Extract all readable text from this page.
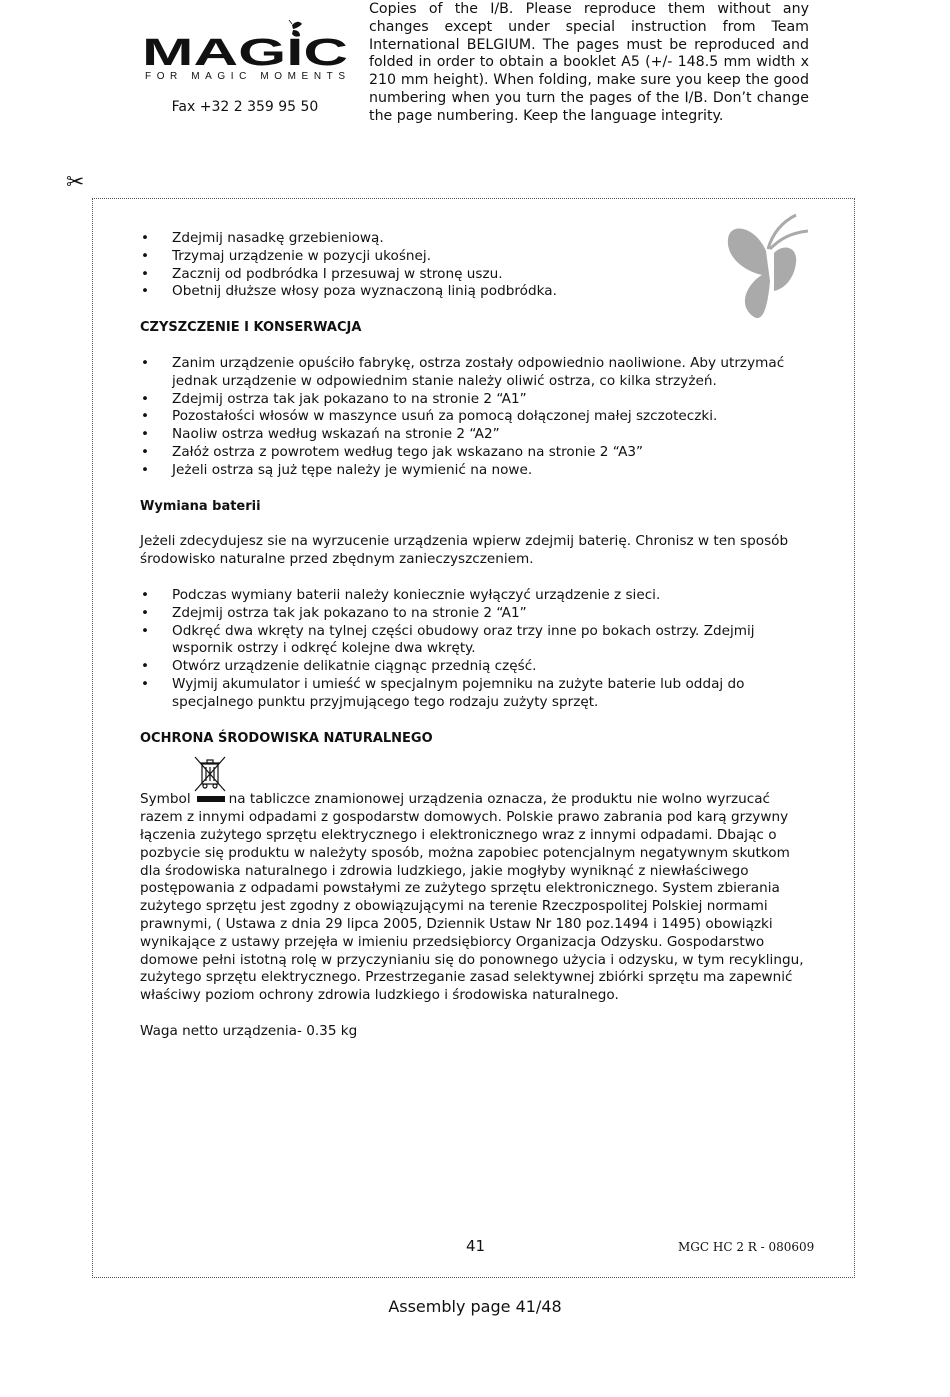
MAGIC
FOR MAGIC MOMENTS
Fax +32 2 359 95 50

Copies of the I/B. Please reproduce them without any changes except under special instruction from Team International BELGIUM. The pages must be reproduced and folded in order to obtain a booklet A5 (+/- 148.5 mm width x 210 mm height). When folding, make sure you keep the good numbering when you turn the pages of the I/B. Don’t change the page numbering. Keep the language integrity.

✂
• Zdejmij nasadkę grzebieniową.
• Trzymaj urządzenie w pozycji ukośnej.
• Zacznij od podbródka I przesuwaj w stronę uszu.
• Obetnij dłuższe włosy poza wyznaczoną linią podbródka.
CZYSZCZENIE I KONSERWACJA
• Zanim urządzenie opuściło fabrykę, ostrza zostały odpowiednio naoliwione. Aby utrzymać jednak urządzenie w odpowiednim stanie należy oliwić ostrza, co kilka strzyżeń.
• Zdejmij ostrza tak jak pokazano to na stronie 2 “A1”
• Pozostałości włosów w maszynce usuń za pomocą dołączonej małej szczoteczki.
• Naoliw ostrza według wskazań na stronie 2 “A2”
• Załóż ostrza z powrotem według tego jak wskazano na stronie 2 “A3”
• Jeżeli ostrza są już tępe należy je wymienić na nowe.
Wymiana baterii

Jeżeli zdecydujesz sie na wyrzucenie urządzenia wpierw zdejmij baterię. Chronisz w ten sposób środowisko naturalne przed zbędnym zanieczyszczeniem.

• Podczas wymiany baterii należy koniecznie wyłączyć urządzenie z sieci.
• Zdejmij ostrza tak jak pokazano to na stronie 2 “A1”
• Odkręć dwa wkręty na tylnej części obudowy oraz trzy inne po bokach ostrzy. Zdejmij wspornik ostrzy i odkręć kolejne dwa wkręty.
• Otwórz urządzenie delikatnie ciągnąc przednią część.
• Wyjmij akumulator i umieść w specjalnym pojemniku na zużyte baterie lub oddaj do specjalnego punktu przyjmującego tego rodzaju zużyty sprzęt.
OCHRONA ŚRODOWISKA NATURALNEGO

Symbol	na tabliczce znamionowej urządzenia oznacza, że produktu nie wolno wyrzucać razem z innymi odpadami z gospodarstw domowych. Polskie prawo zabrania pod karą grzywny łączenia zużytego sprzętu elektrycznego i elektronicznego wraz z innymi odpadami. Dbając o pozbycie się produktu w należyty sposób, można zapobiec potencjalnym negatywnym skutkom dla środowiska naturalnego i zdrowia ludzkiego, jakie mogłyby wyniknąć z niewłaściwego postępowania z odpadami powstałymi ze zużytego sprzętu elektronicznego. System zbierania zużytego sprzętu jest zgodny z obowiązującymi na terenie Rzeczpospolitej Polskiej normami prawnymi, ( Ustawa z dnia 29 lipca 2005, Dziennik Ustaw Nr 180 poz.1494 i 1495) obowiązki wynikające z ustawy przejęła w imieniu przedsiębiorcy Organizacja Odzysku. Gospodarstwo domowe pełni istotną rolę w przyczynianiu się do ponownego użycia i odzysku, w tym recyklingu, zużytego sprzętu elektrycznego. Przestrzeganie zasad selektywnej zbiórki sprzętu ma zapewnić właściwy poziom ochrony zdrowia ludzkiego i środowiska naturalnego.

Waga netto urządzenia- 0.35 kg

41	MGC HC 2 R - 080609
Assembly page 41/48
